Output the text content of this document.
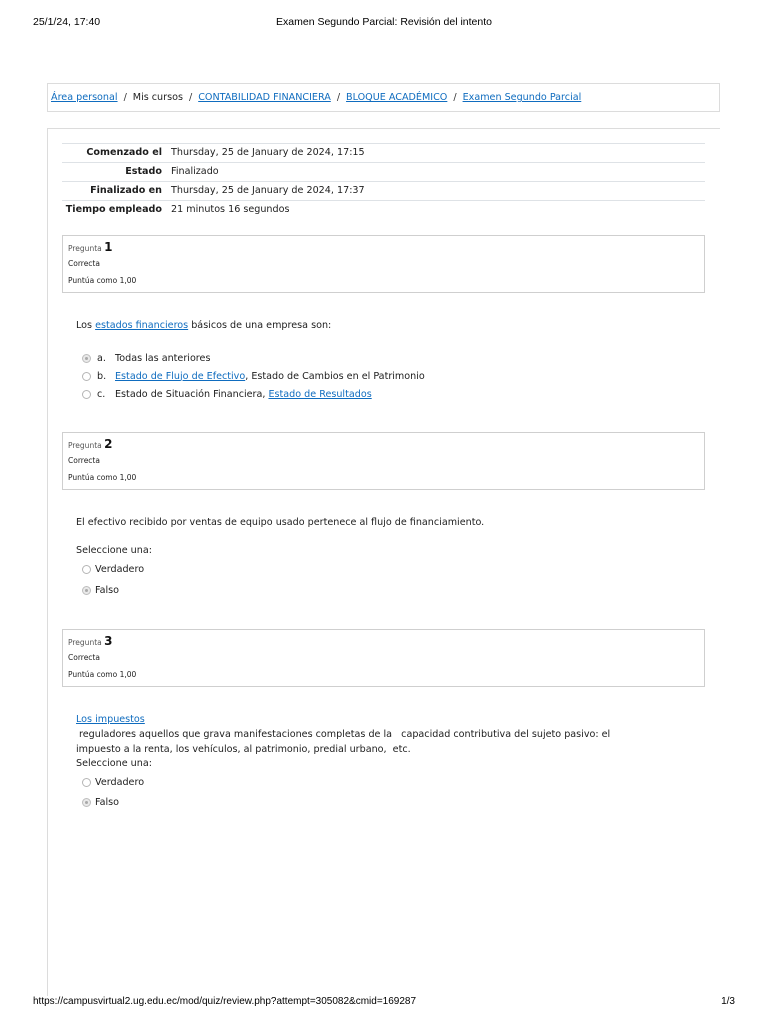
25/1/24, 17:40	Examen Segundo Parcial: Revisión del intento
Área personal / Mis cursos / CONTABILIDAD FINANCIERA / BLOQUE ACADÉMICO / Examen Segundo Parcial
Comenzado el	Thursday, 25 de January de 2024, 17:15
Estado	Finalizado
Finalizado en	Thursday, 25 de January de 2024, 17:37
Tiempo empleado	21 minutos 16 segundos
Pregunta 1
Correcta
Puntúa como 1,00
Los estados financieros básicos de una empresa son:
a. Todas las anteriores
b. Estado de Flujo de Efectivo , Estado de Cambios en el Patrimonio
c.	Estado de Situación Financiera, Estado de Resultados
Pregunta 2
Correcta
Puntúa como 1,00
El efectivo recibido por ventas de equipo usado pertenece al flujo de financiamiento.
Seleccione una:
Verdadero
Falso
Pregunta 3
Correcta
Puntúa como 1,00
Los impuestos reguladores aquellos que grava manifestaciones completas de la   capacidad contributiva del sujeto pasivo: el
impuesto a la renta, los vehículos, al patrimonio, predial urbano,  etc.
Seleccione una:
Verdadero
Falso
https://campusvirtual2.ug.edu.ec/mod/quiz/review.php?attempt=305082&cmid=169287	1/3
